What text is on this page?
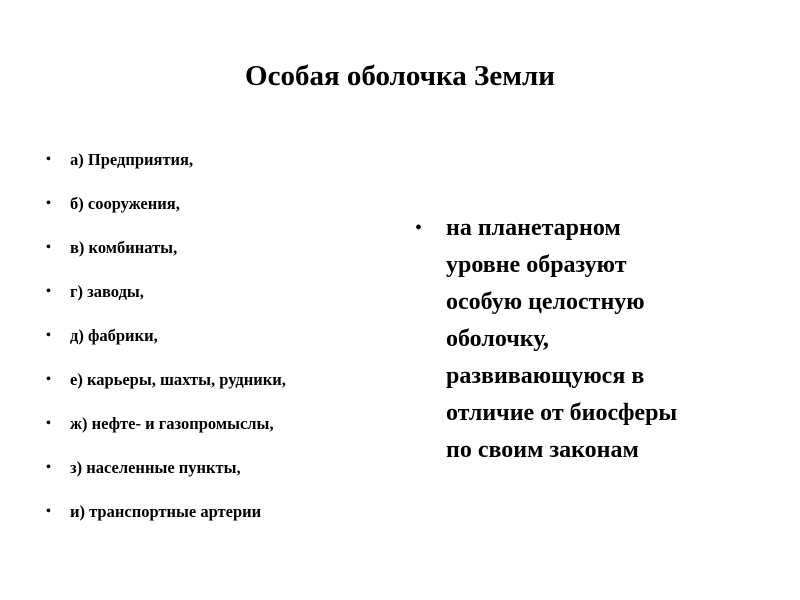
Особая оболочка Земли
• а) Предприятия,
• б) сооружения,
• в) комбинаты,
• г) заводы,
• д) фабрики,
• е) карьеры, шахты, рудники,
• ж) нефте- и газопромыслы,
• з) населенные пункты,
• и) транспортные артерии
• на планетарном
уровне образуют
особую целостную
оболочку,
развивающуюся в
отличие от биосферы
по своим законам
